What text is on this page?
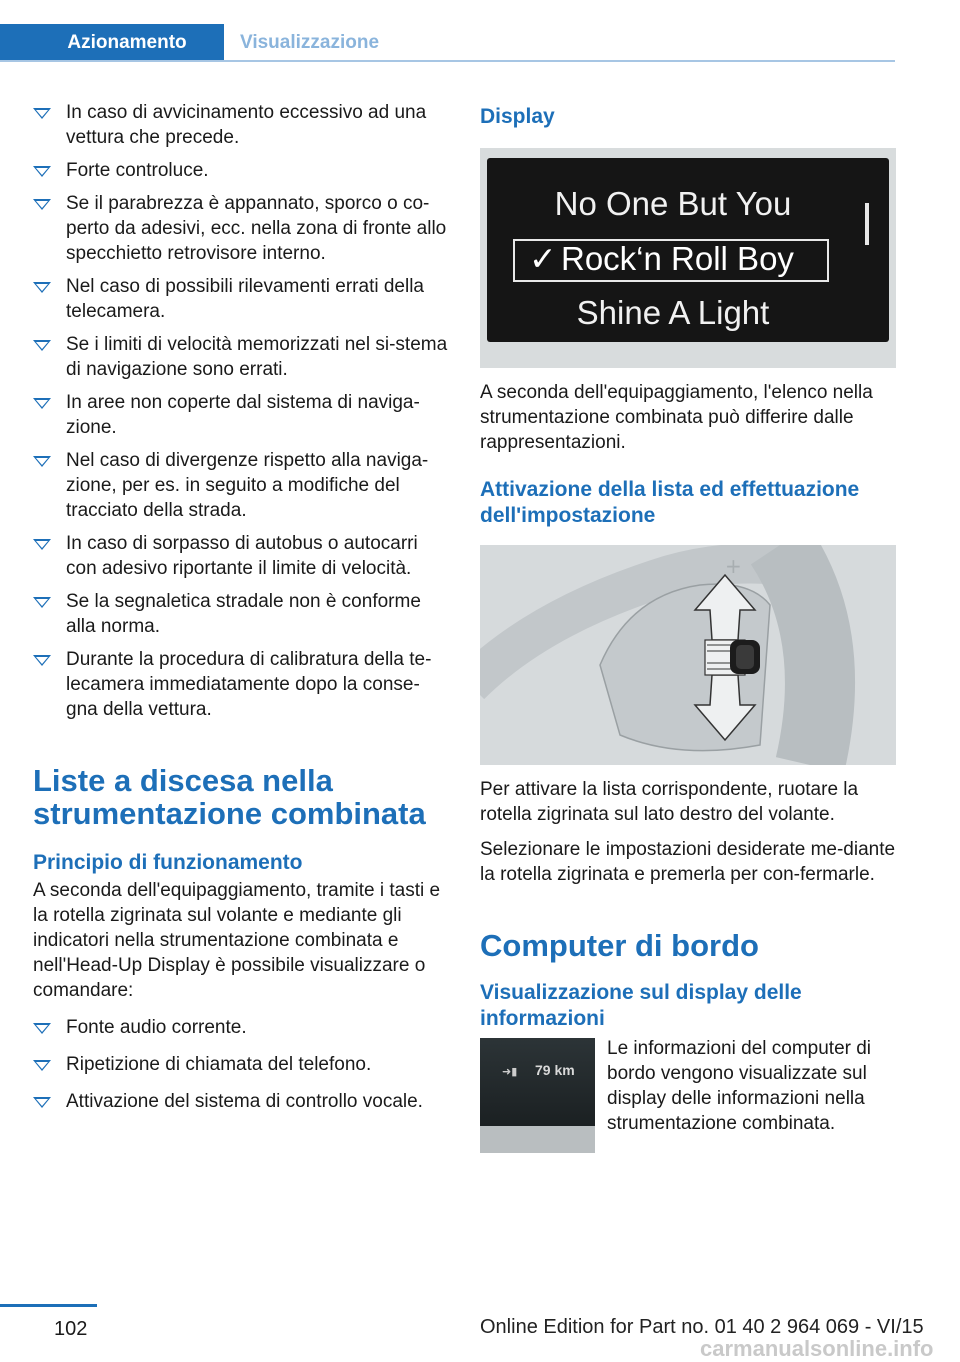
Azionamento	Visualizzazione
In caso di avvicinamento eccessivo ad una vettura che precede.
Forte controluce.
Se il parabrezza è appannato, sporco o co-perto da adesivi, ecc. nella zona di fronte allo specchietto retrovisore interno.
Nel caso di possibili rilevamenti errati della telecamera.
Se i limiti di velocità memorizzati nel si-stema di navigazione sono errati.
In aree non coperte dal sistema di naviga-zione.
Nel caso di divergenze rispetto alla naviga-zione, per es. in seguito a modifiche del tracciato della strada.
In caso di sorpasso di autobus o autocarri con adesivo riportante il limite di velocità.
Se la segnaletica stradale non è conforme alla norma.
Durante la procedura di calibratura della te-lecamera immediatamente dopo la conse-gna della vettura.
Liste a discesa nella strumentazione combinata
Principio di funzionamento

A seconda dell'equipaggiamento, tramite i tasti e la rotella zigrinata sul volante e mediante gli indicatori nella strumentazione combinata e nell'Head-Up Display è possibile visualizzare o comandare:

Fonte audio corrente.
Ripetizione di chiamata del telefono.
Attivazione del sistema di controllo vocale.
Display
No One But You
✓ Rock‘n Roll Boy
Shine A Light

A seconda dell'equipaggiamento, l'elenco nella strumentazione combinata può differire dalle rappresentazioni.

Attivazione della lista ed effettuazione dell'impostazione
+

Per attivare la lista corrispondente, ruotare la rotella zigrinata sul lato destro del volante.

Selezionare le impostazioni desiderate me-diante la rotella zigrinata e premerla per con-fermarle.

Computer di bordo
Visualizzazione sul display delle informazioni
➜▮ 79 km

Le informazioni del computer di bordo vengono visualizzate sul display delle informazioni nella strumentazione combinata.

102	Online Edition for Part no. 01 40 2 964 069 - VI/15
carmanualsonline.info
